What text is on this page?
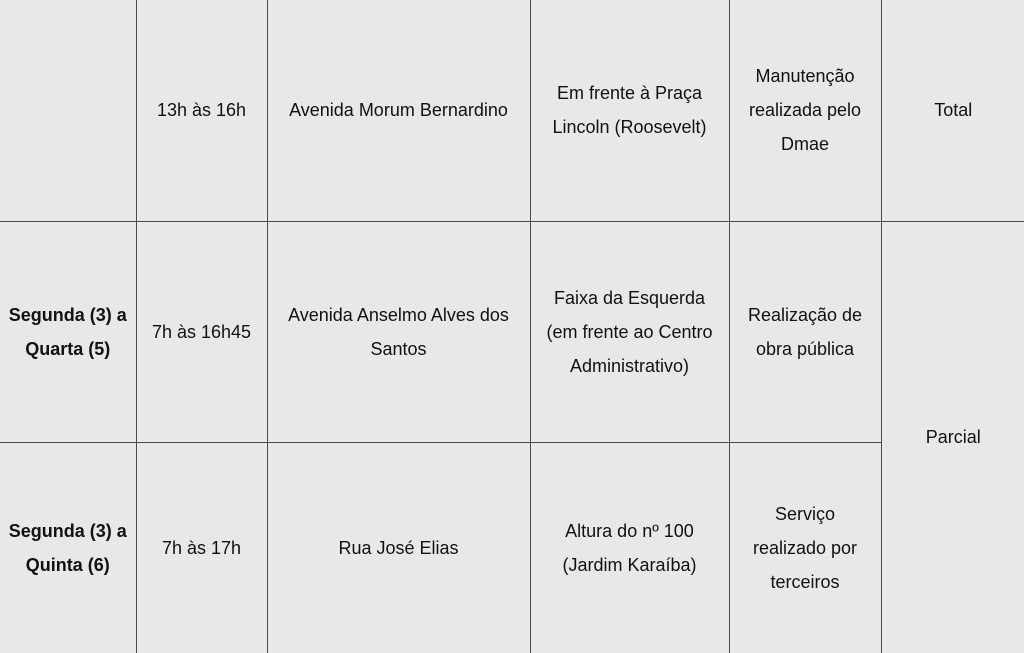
	13h às 16h	Avenida Morum Bernardino	Em frente à Praça Lincoln (Roosevelt)	Manutenção realizada pelo Dmae	Total
Segunda (3) a Quarta (5)	7h às 16h45	Avenida Anselmo Alves dos Santos	Faixa da Esquerda (em frente ao Centro Administrativo)	Realização de obra pública	Parcial
Segunda (3) a Quinta (6)	7h às 17h	Rua José Elias	Altura do nº 100 (Jardim Karaíba)	Serviço realizado por terceiros	
